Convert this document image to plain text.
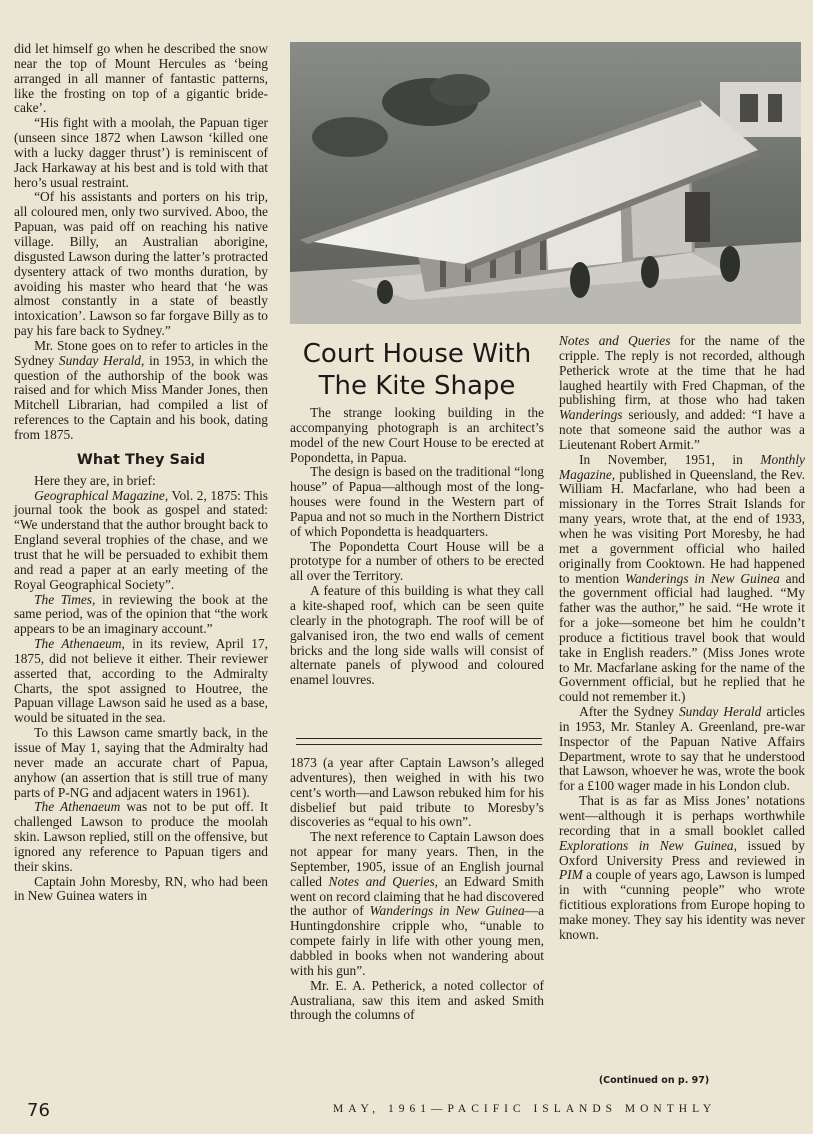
did let himself go when he described the snow near the top of Mount Hercules as ‘being arranged in all manner of fantastic patterns, like the frosting on top of a gigantic bride-cake’.

“His fight with a moolah, the Papuan tiger (unseen since 1872 when Lawson ‘killed one with a lucky dagger thrust’) is reminiscent of Jack Harkaway at his best and is told with that hero’s usual restraint.

“Of his assistants and porters on his trip, all coloured men, only two survived. Aboo, the Papuan, was paid off on reaching his native village. Billy, an Australian aborigine, disgusted Lawson during the latter’s protracted dysentery attack of two months duration, by avoiding his master who heard that ‘he was almost constantly in a state of beastly intoxication’. Lawson so far forgave Billy as to pay his fare back to Sydney.”

Mr. Stone goes on to refer to articles in the Sydney Sunday Herald, in 1953, in which the question of the authorship of the book was raised and for which Miss Mander Jones, then Mitchell Librarian, had compiled a list of references to the Captain and his book, dating from 1875.

What They Said

Here they are, in brief:

Geographical Magazine, Vol. 2, 1875: This journal took the book as gospel and stated: “We understand that the author brought back to England several trophies of the chase, and we trust that he will be persuaded to exhibit them and read a paper at an early meeting of the Royal Geographical Society”.

The Times, in reviewing the book at the same period, was of the opinion that “the work appears to be an imaginary account.”

The Athenaeum, in its review, April 17, 1875, did not believe it either. Their reviewer asserted that, according to the Admiralty Charts, the spot assigned to Houtree, the Papuan village Lawson said he used as a base, would be situated in the sea.

To this Lawson came smartly back, in the issue of May 1, saying that the Admiralty had never made an accurate chart of Papua, anyhow (an assertion that is still true of many parts of P-NG and adjacent waters in 1961).

The Athenaeum was not to be put off. It challenged Lawson to produce the moolah skin. Lawson replied, still on the offensive, but ignored any reference to Papuan tigers and their skins.

Captain John Moresby, RN, who had been in New Guinea waters in

Court House With
The Kite Shape

The strange looking building in the accompanying photograph is an architect’s model of the new Court House to be erected at Popondetta, in Papua.

The design is based on the traditional “long house” of Papua—although most of the long-houses were found in the Western part of Papua and not so much in the Northern District of which Popondetta is headquarters.

The Popondetta Court House will be a prototype for a number of others to be erected all over the Territory.

A feature of this building is what they call a kite-shaped roof, which can be seen quite clearly in the photograph. The roof will be of galvanised iron, the two end walls of cement bricks and the long side walls will consist of alternate panels of plywood and coloured enamel louvres.

1873 (a year after Captain Lawson’s alleged adventures), then weighed in with his two cent’s worth—and Lawson rebuked him for his disbelief but paid tribute to Moresby’s discoveries as “equal to his own”.

The next reference to Captain Lawson does not appear for many years. Then, in the September, 1905, issue of an English journal called Notes and Queries, an Edward Smith went on record claiming that he had discovered the author of Wanderings in New Guinea—a Huntingdonshire cripple who, “unable to compete fairly in life with other young men, dabbled in books when not wandering about with his gun”.

Mr. E. A. Petherick, a noted collector of Australiana, saw this item and asked Smith through the columns of

Notes and Queries for the name of the cripple. The reply is not recorded, although Petherick wrote at the time that he had laughed heartily with Fred Chapman, of the publishing firm, at those who had taken Wanderings seriously, and added: “I have a note that someone said the author was a Lieutenant Robert Armit.”

In November, 1951, in Monthly Magazine, published in Queensland, the Rev. William H. Macfarlane, who had been a missionary in the Torres Strait Islands for many years, wrote that, at the end of 1933, when he was visiting Port Moresby, he had met a government official who hailed originally from Cooktown. He had happened to mention Wanderings in New Guinea and the government official had laughed. “My father was the author,” he said. “He wrote it for a joke—someone bet him he couldn’t produce a fictitious travel book that would take in English readers.” (Miss Jones wrote to Mr. Macfarlane asking for the name of the Government official, but he replied that he could not remember it.)

After the Sydney Sunday Herald articles in 1953, Mr. Stanley A. Greenland, pre-war Inspector of the Papuan Native Affairs Department, wrote to say that he understood that Lawson, whoever he was, wrote the book for a £100 wager made in his London club.

That is as far as Miss Jones’ notations went—although it is perhaps worthwhile recording that in a small booklet called Explorations in New Guinea, issued by Oxford University Press and reviewed in PIM a couple of years ago, Lawson is lumped in with “cunning people” who wrote fictitious explorations from Europe hoping to make money. They say his identity was never known.

(Continued on p. 97)
76	MAY, 1961—PACIFIC ISLANDS MONTHLY
